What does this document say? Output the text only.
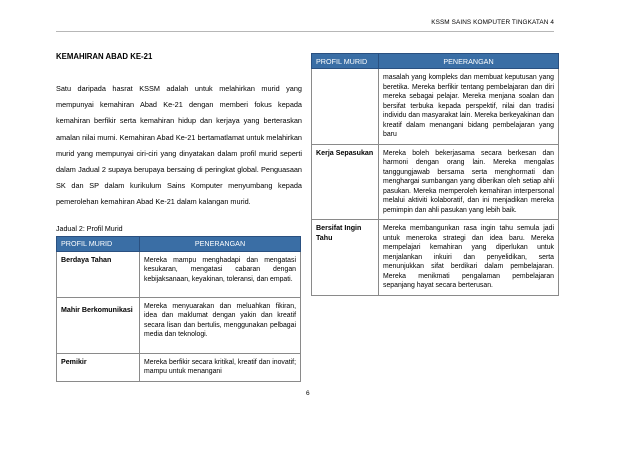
KSSM SAINS KOMPUTER TINGKATAN 4

KEMAHIRAN ABAD KE-21

Satu daripada hasrat KSSM adalah untuk melahirkan murid yang mempunyai kemahiran Abad Ke-21 dengan memberi fokus kepada kemahiran berfikir serta kemahiran hidup dan kerjaya yang berteraskan amalan nilai murni. Kemahiran Abad Ke-21 bertamatlamat untuk melahirkan murid yang mempunyai ciri-ciri yang dinyatakan dalam profil murid seperti dalam Jadual 2 supaya berupaya bersaing di peringkat global. Penguasaan SK dan SP dalam kurikulum Sains Komputer menyumbang kepada pemerolehan kemahiran Abad Ke-21 dalam kalangan murid.

Jadual 2: Profil Murid

PROFIL MURID	PENERANGAN
Berdaya Tahan	Mereka mampu menghadapi dan mengatasi kesukaran, mengatasi cabaran dengan kebijaksanaan, keyakinan, toleransi, dan empati.
Mahir Berkomunikasi	Mereka menyuarakan dan meluahkan fikiran, idea dan maklumat dengan yakin dan kreatif secara lisan dan bertulis, menggunakan pelbagai media dan teknologi.
Pemikir	Mereka berfikir secara kritikal, kreatif dan inovatif; mampu untuk menangani
PROFIL MURID	PENERANGAN
	masalah yang kompleks dan membuat keputusan yang beretika. Mereka berfikir tentang pembelajaran dan diri mereka sebagai pelajar. Mereka menjana soalan dan bersifat terbuka kepada perspektif, nilai dan tradisi individu dan masyarakat lain. Mereka berkeyakinan dan kreatif dalam menangani bidang pembelajaran yang baru
Kerja Sepasukan	Mereka boleh bekerjasama secara berkesan dan harmoni dengan orang lain. Mereka mengalas tanggungjawab bersama serta menghormati dan menghargai sumbangan yang diberikan oleh setiap ahli pasukan. Mereka memperoleh kemahiran interpersonal melalui aktiviti kolaboratif, dan ini menjadikan mereka pemimpin dan ahli pasukan yang lebih baik.
Bersifat Ingin Tahu	Mereka membangunkan rasa ingin tahu semula jadi untuk meneroka strategi dan idea baru. Mereka mempelajari kemahiran yang diperlukan untuk menjalankan inkuiri dan penyelidikan, serta menunjukkan sifat berdikari dalam pembelajaran. Mereka menikmati pengalaman pembelajaran sepanjang hayat secara berterusan.
6
